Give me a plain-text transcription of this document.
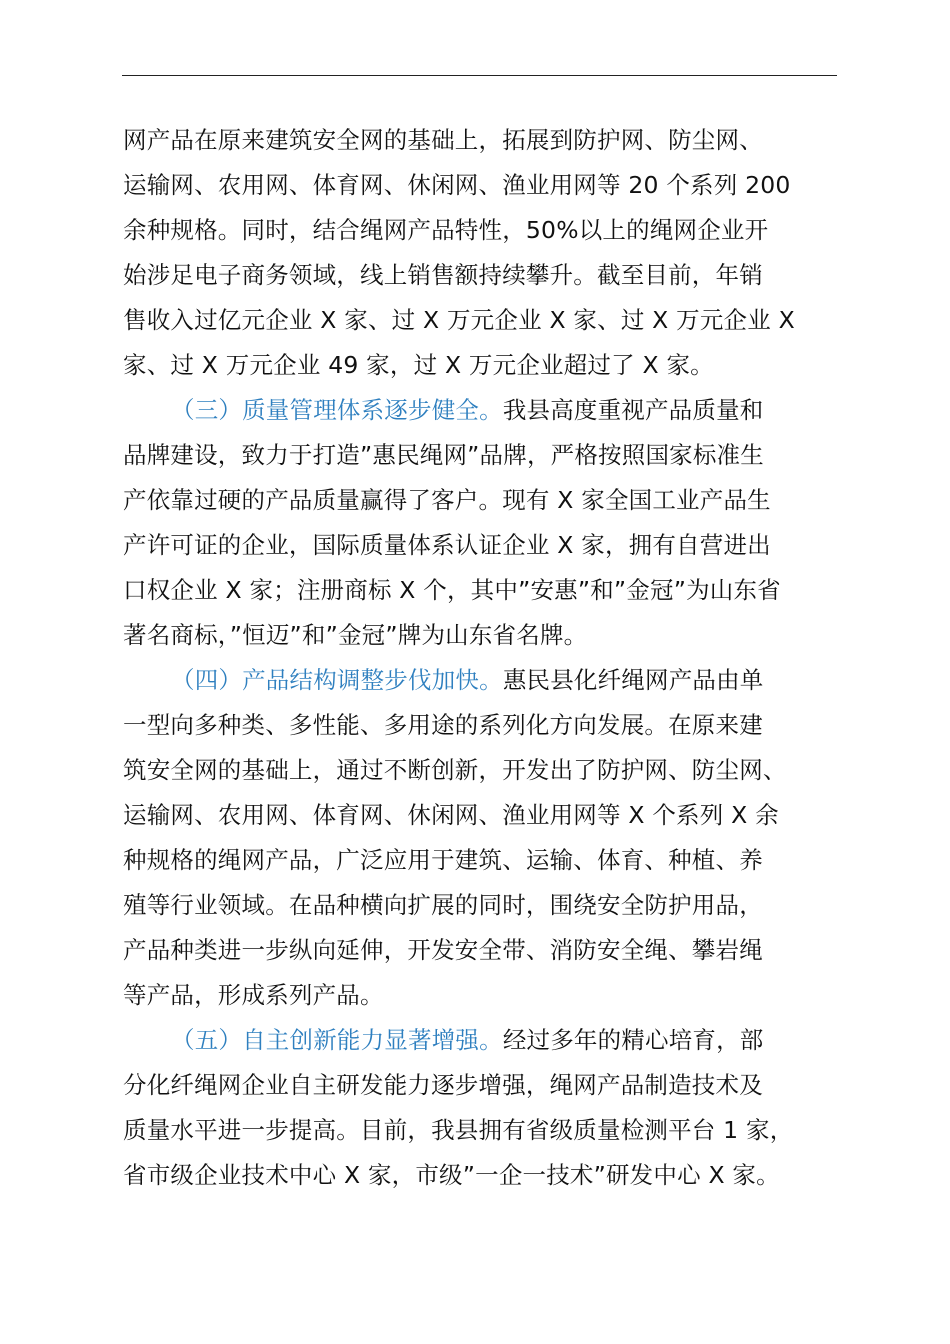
网产品在原来建筑安全网的基础上，拓展到防护网、防尘网、
运输网、农用网、体育网、休闲网、渔业用网等 20 个系列 200
余种规格。同时，结合绳网产品特性，50%以上的绳网企业开
始涉足电子商务领域，线上销售额持续攀升。截至目前，年销
售收入过亿元企业 X 家、过 X 万元企业 X 家、过 X 万元企业 X
家、过 X 万元企业 49 家，过 X 万元企业超过了 X 家。
（三）质量管理体系逐步健全。我县高度重视产品质量和
品牌建设，致力于打造”惠民绳网”品牌，严格按照国家标准生
产依靠过硬的产品质量赢得了客户。现有 X 家全国工业产品生
产许可证的企业，国际质量体系认证企业 X 家，拥有自营进出
口权企业 X 家；注册商标 X 个，其中”安惠”和”金冠”为山东省
著名商标，”恒迈”和”金冠”牌为山东省名牌。
（四）产品结构调整步伐加快。惠民县化纤绳网产品由单
一型向多种类、多性能、多用途的系列化方向发展。在原来建
筑安全网的基础上，通过不断创新，开发出了防护网、防尘网、
运输网、农用网、体育网、休闲网、渔业用网等 X 个系列 X 余
种规格的绳网产品，广泛应用于建筑、运输、体育、种植、养
殖等行业领域。在品种横向扩展的同时，围绕安全防护用品，
产品种类进一步纵向延伸，开发安全带、消防安全绳、攀岩绳
等产品，形成系列产品。
（五）自主创新能力显著增强。经过多年的精心培育，部
分化纤绳网企业自主研发能力逐步增强，绳网产品制造技术及
质量水平进一步提高。目前，我县拥有省级质量检测平台 1 家，
省市级企业技术中心 X 家，市级”一企一技术”研发中心 X 家。
